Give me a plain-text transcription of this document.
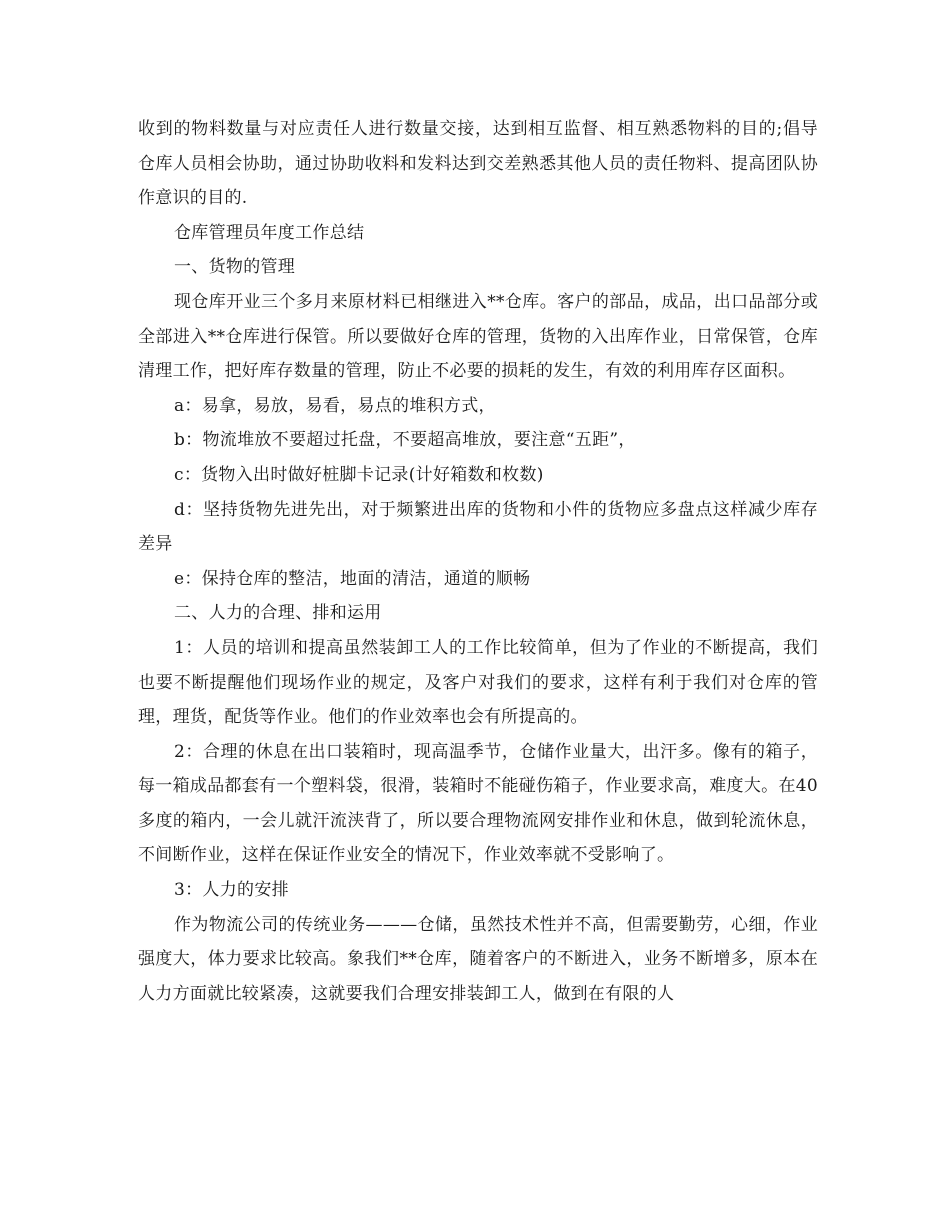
收到的物料数量与对应责任人进行数量交接，达到相互监督、相互熟悉物料的目的;倡导仓库人员相会协助，通过协助收料和发料达到交差熟悉其他人员的责任物料、提高团队协作意识的目的.

仓库管理员年度工作总结

一、货物的管理

现仓库开业三个多月来原材料已相继进入**仓库。客户的部品，成品，出口品部分或全部进入**仓库进行保管。所以要做好仓库的管理，货物的入出库作业，日常保管，仓库清理工作，把好库存数量的管理，防止不必要的损耗的发生，有效的利用库存区面积。

a：易拿，易放，易看，易点的堆积方式，

b：物流堆放不要超过托盘，不要超高堆放，要注意“五距”，

c：货物入出时做好桩脚卡记录(计好箱数和枚数)

d：坚持货物先进先出，对于频繁进出库的货物和小件的货物应多盘点这样减少库存差异

e：保持仓库的整洁，地面的清洁，通道的顺畅

二、人力的合理、排和运用

1：人员的培训和提高虽然装卸工人的工作比较简单，但为了作业的不断提高，我们也要不断提醒他们现场作业的规定，及客户对我们的要求，这样有利于我们对仓库的管理，理货，配货等作业。他们的作业效率也会有所提高的。

2：合理的休息在出口装箱时，现高温季节，仓储作业量大，出汗多。像有的箱子，每一箱成品都套有一个塑料袋，很滑，装箱时不能碰伤箱子，作业要求高，难度大。在40多度的箱内，一会儿就汗流浃背了，所以要合理物流网安排作业和休息，做到轮流休息，不间断作业，这样在保证作业安全的情况下，作业效率就不受影响了。

3：人力的安排

作为物流公司的传统业务———仓储，虽然技术性并不高，但需要勤劳，心细，作业强度大，体力要求比较高。象我们**仓库，随着客户的不断进入，业务不断增多，原本在人力方面就比较紧凑，这就要我们合理安排装卸工人，做到在有限的人
